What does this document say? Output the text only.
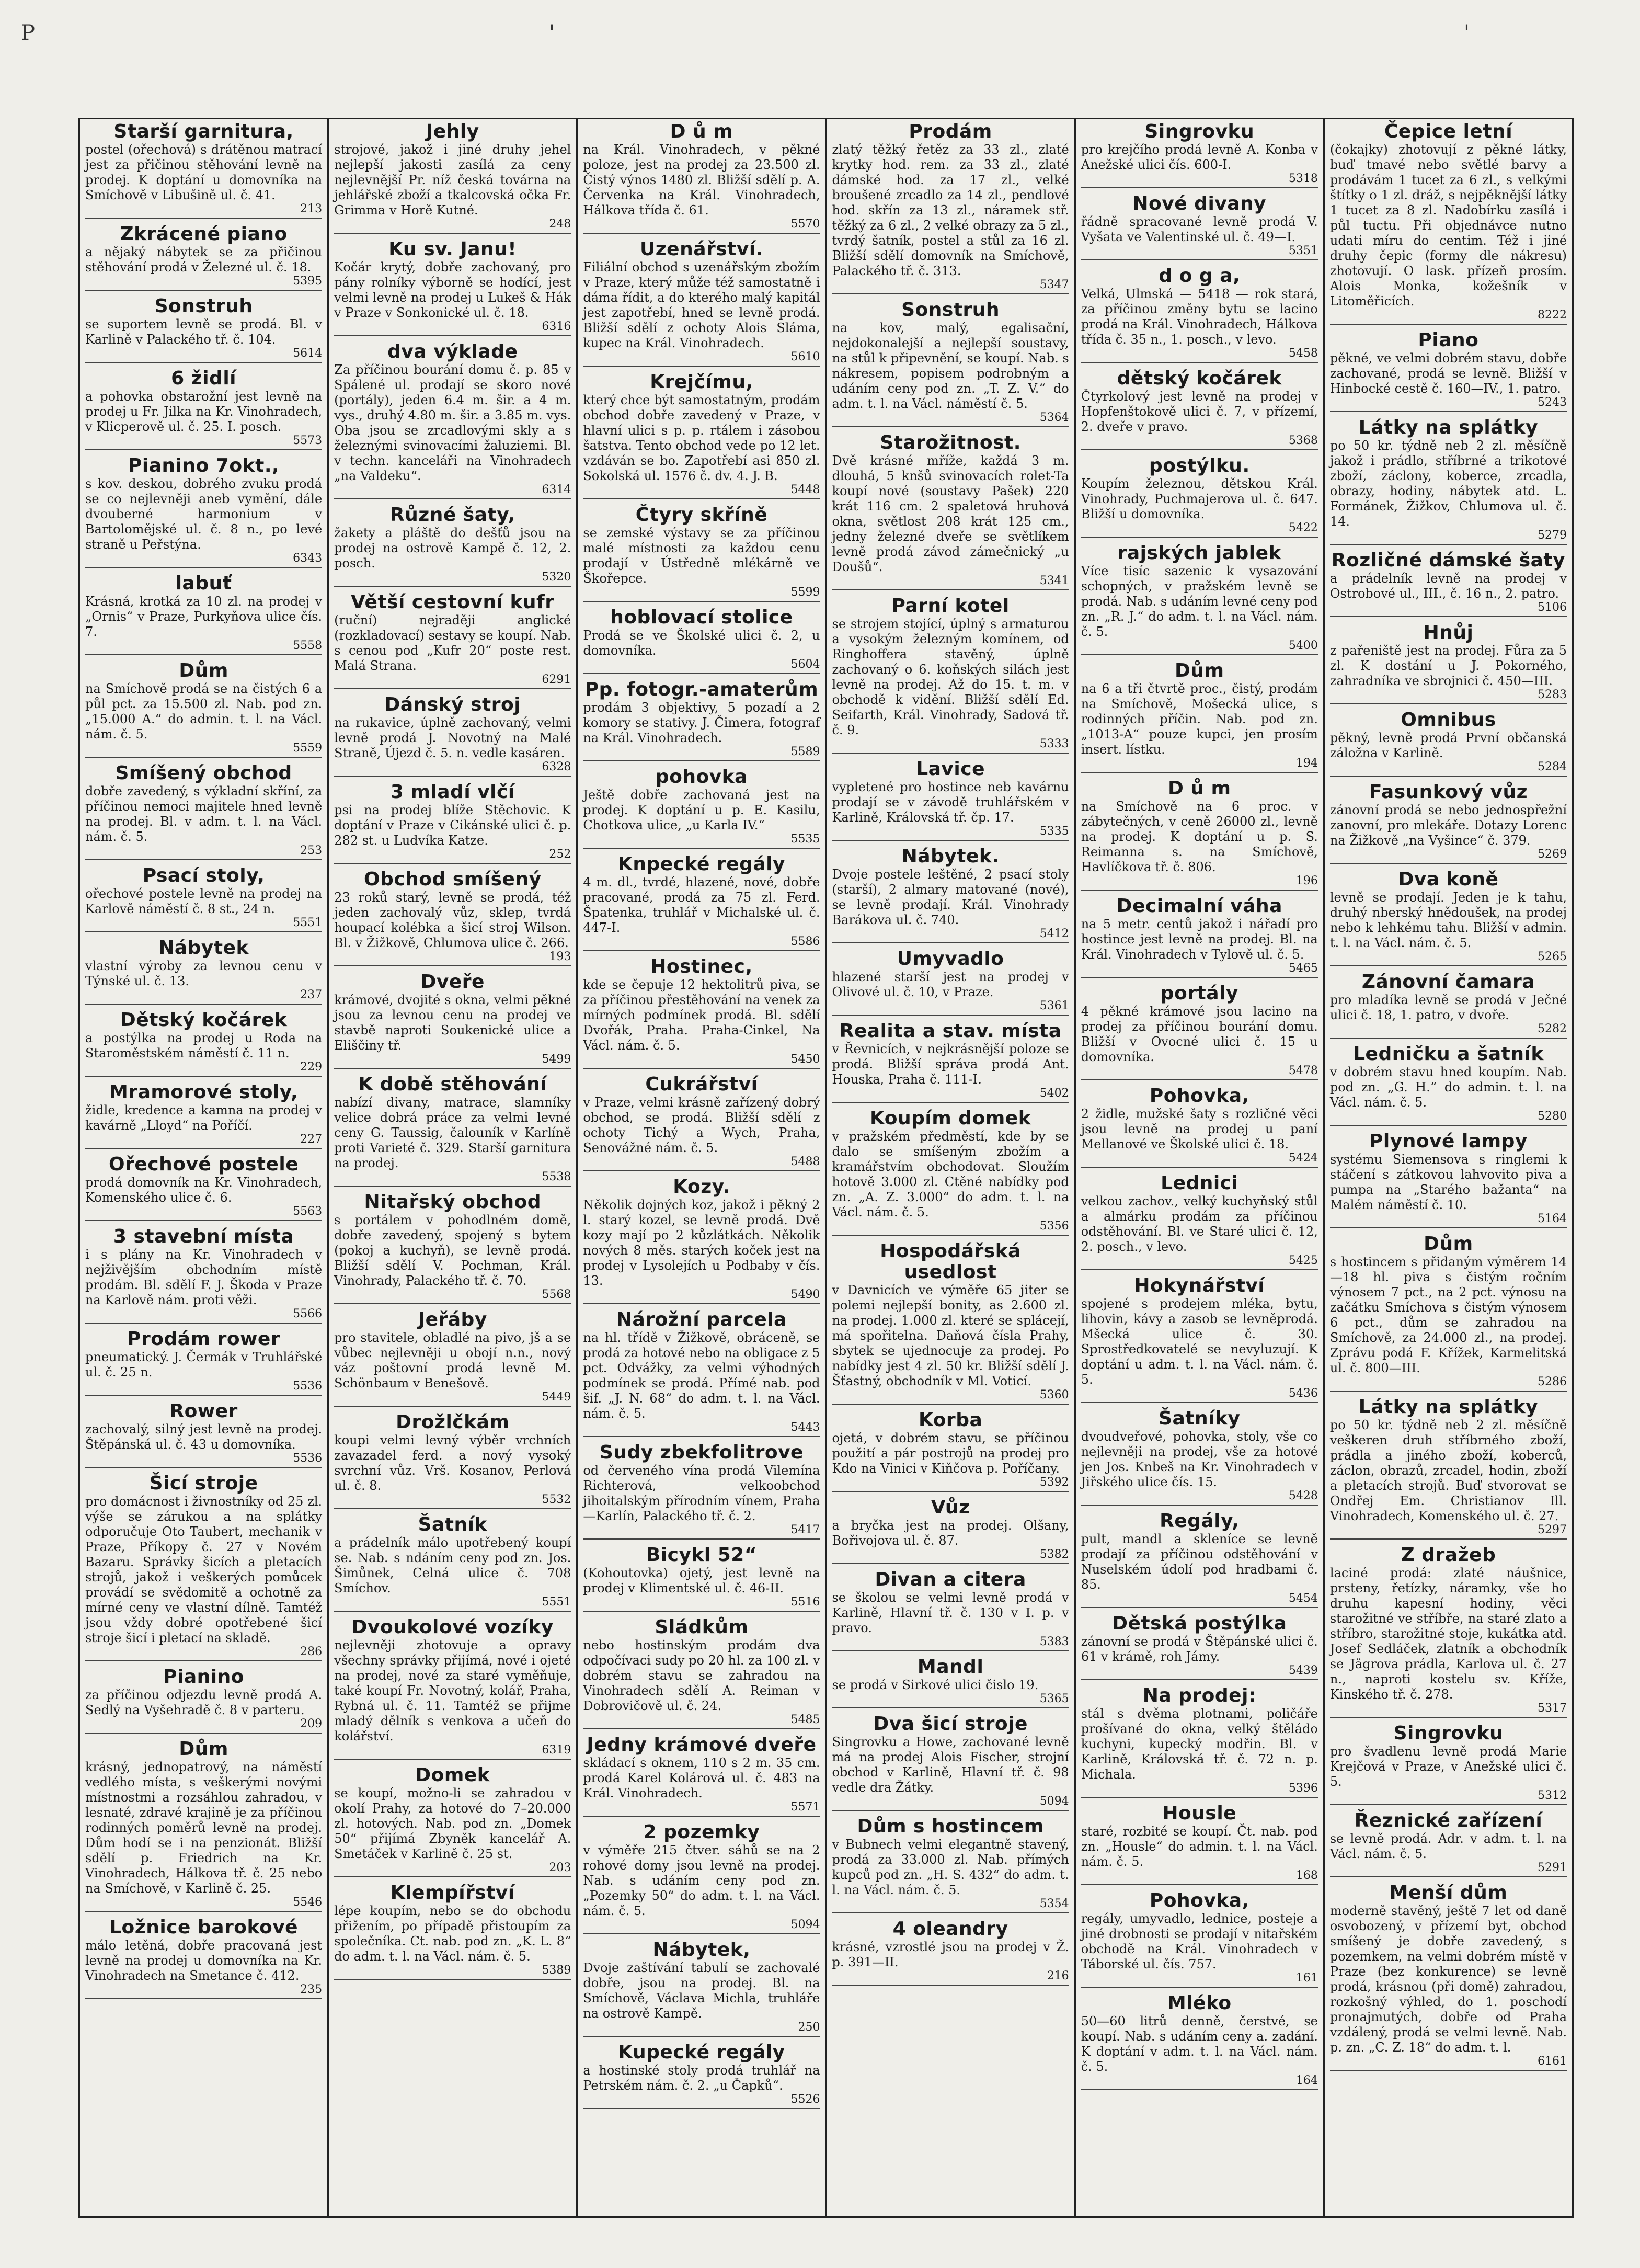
P	'	'
Starší garnitura,

postel (ořechová) s drátěnou matrací jest za přičinou stěhování levně na prodej. K doptání u domovníka na Smíchově v Libušině ul. č. 41.

213
Zkrácené piano

a nějaký nábytek se za přičinou stěhování prodá v Železné ul. č. 18.

5395
Sonstruh

se suportem levně se prodá. Bl. v Karlině v Palackého tř. č. 104.

5614
6 židlí

a pohovka obstarožní jest levně na prodej u Fr. Jilka na Kr. Vinohradech, v Klicperově ul. č. 25. I. posch.

5573
Pianino 7okt.,

s kov. deskou, dobrého zvuku prodá se co nejlevněji aneb vymění, dále dvouberné harmonium v Bartolomějské ul. č. 8 n., po levé straně u Peřstýna.

6343
labuť

Krásná, krotká za 10 zl. na prodej v „Ornis“ v Praze, Purkyňova ulice čís. 7.

5558
Dům

na Smíchově prodá se na čistých 6 a půl pct. za 15.500 zl. Nab. pod zn. „15.000 A.“ do admin. t. l. na Václ. nám. č. 5.

5559
Smíšený obchod

dobře zavedený, s výkladní skříní, za příčinou nemoci majitele hned levně na prodej. Bl. v adm. t. l. na Václ. nám. č. 5.

253
Psací stoly,

ořechové postele levně na prodej na Karlově náměstí č. 8 st., 24 n.

5551
Nábytek

vlastní výroby za levnou cenu v Týnské ul. č. 13.

237
Dětský kočárek

a postýlka na prodej u Roda na Staroměstském náměstí č. 11 n.

229
Mramorové stoly,

židle, kredence a kamna na prodej v kavárně „Lloyd“ na Poříčí.

227
Ořechové postele

prodá domovník na Kr. Vinohradech, Komenského ulice č. 6.

5563
3 stavební místa

i s plány na Kr. Vinohradech v nejživějším obchodním místě prodám. Bl. sdělí F. J. Škoda v Praze na Karlově nám. proti věži.

5566
Prodám rower

pneumatický. J. Čermák v Truhlářské ul. č. 25 n.

5536
Rower

zachovalý, silný jest levně na prodej. Štěpánská ul. č. 43 u domovníka.

5536
Šicí stroje

pro domácnost i živnostníky od 25 zl. výše se zárukou a na splátky odporučuje Oto Taubert, mechanik v Praze, Příkopy č. 27 v Novém Bazaru. Správky šicích a pletacích strojů, jakož i veškerých pomůcek provádí se svědomitě a ochotně za mírné ceny ve vlastní dílně. Tamtéž jsou vždy dobré opotřebené šicí stroje šicí i pletací na skladě.

286
Pianino

za příčinou odjezdu levně prodá A. Sedlý na Vyšehradě č. 8 v parteru.

209
Dům

krásný, jednopatrový, na náměstí vedlého místa, s veškerými novými místnostmi a rozsáhlou zahradou, v lesnaté, zdravé krajině je za příčinou rodinných poměrů levně na prodej. Dům hodí se i na penzionát. Bližší sdělí p. Friedrich na Kr. Vinohradech, Hálkova tř. č. 25 nebo na Smíchově, v Karlině č. 25.

5546
Ložnice barokové

málo letěná, dobře pracovaná jest levně na prodej u domovníka na Kr. Vinohradech na Smetance č. 412.

235
Jehly

strojové, jakož i jiné druhy jehel nejlepší jakosti zasílá za ceny nejlevnější Pr. níž česká továrna na jehlářské zboží a tkalcovská očka Fr. Grimma v Horě Kutné.

248
Ku sv. Janu!

Kočár krytý, dobře zachovaný, pro pány rolníky výborně se hodící, jest velmi levně na prodej u Lukeš & Hák v Praze v Sonkonické ul. č. 18.

6316
dva výklade

Za příčinou bourání domu č. p. 85 v Spálené ul. prodají se skoro nové (portály), jeden 6.4 m. šir. a 4 m. vys., druhý 4.80 m. šir. a 3.85 m. vys. Oba jsou se zrcadlovými skly a s železnými svinovacími žaluziemi. Bl. v techn. kanceláři na Vinohradech „na Valdeku“.

6314
Různé šaty,

žakety a pláště do dešťů jsou na prodej na ostrově Kampě č. 12, 2. posch.

5320
Větší cestovní kufr

(ruční) nejraději anglické (rozkladovací) sestavy se koupí. Nab. s cenou pod „Kufr 20“ poste rest. Malá Strana.

6291
Dánský stroj

na rukavice, úplně zachovaný, velmi levně prodá J. Novotný na Malé Straně, Újezd č. 5. n. vedle kasáren.

6328
3 mladí vlčí

psi na prodej blíže Stěchovic. K doptání v Praze v Cikánské ulici č. p. 282 st. u Ludvíka Katze.

252
Obchod smíšený

23 roků starý, levně se prodá, též jeden zachovalý vůz, sklep, tvrdá houpací kolébka a šicí stroj Wilson. Bl. v Žižkově, Chlumova ulice č. 266.

193
Dveře

krámové, dvojité s okna, velmi pěkné jsou za levnou cenu na prodej ve stavbě naproti Soukenické ulice a Eliščiny tř.

5499
K době stěhování

nabízí divany, matrace, slamníky velice dobrá práce za velmi levné ceny G. Taussig, čalouník v Karlíně proti Varieté č. 329. Starší garnitura na prodej.

5538
Nitařský obchod

s portálem v pohodlném domě, dobře zavedený, spojený s bytem (pokoj a kuchyň), se levně prodá. Bližší sdělí V. Pochman, Král. Vinohrady, Palackého tř. č. 70.

5568
Jeřáby

pro stavitele, obladlé na pivo, jš a se vůbec nejlevněji u obojí n.n., nový váz poštovní prodá levně M. Schönbaum v Benešově.

5449
Drožlčkám

koupi velmi levný výběr vrchních zavazadel ferd. a nový vysoký svrchní vůz. Vrš. Kosanov, Perlová ul. č. 8.

5532
Šatník

a prádelník málo upotřebený koupí se. Nab. s ndáním ceny pod zn. Jos. Šimůnek, Celná ulice č. 708 Smíchov.

5551
Dvoukolové vozíky

nejlevněji zhotovuje a opravy všechny správky přijímá, nové i ojeté na prodej, nové za staré vyměňuje, také koupí Fr. Novotný, kolář, Praha, Rybná ul. č. 11. Tamtéž se přijme mladý dělník s venkova a učeň do kolářství.

6319
Domek

se koupí, možno-li se zahradou v okolí Prahy, za hotové do 7–20.000 zl. hotových. Nab. pod zn. „Domek 50“ přijímá Zbyněk kancelář A. Smetáček v Karlině č. 25 st.

203
Klempířství

lépe koupím, nebo se do obchodu přižením, po případě přistoupím za společníka. Ct. nab. pod zn. „K. L. 8“ do adm. t. l. na Václ. nám. č. 5.

5389
D ů m

na Král. Vinohradech, v pěkné poloze, jest na prodej za 23.500 zl. Čistý výnos 1480 zl. Bližší sdělí p. A. Červenka na Král. Vinohradech, Hálkova třída č. 61.

5570
Uzenářství.

Filiální obchod s uzenářským zbožím v Praze, který může též samostatně i dáma řídit, a do kterého malý kapitál jest zapotřebí, hned se levně prodá. Bližší sdělí z ochoty Alois Sláma, kupec na Král. Vinohradech.

5610
Krejčímu,

který chce být samostatným, prodám obchod dobře zavedený v Praze, v hlavní ulici s p. p. rtálem i zásobou šatstva. Tento obchod vede po 12 let. vzdáván se bo. Zapotřebí asi 850 zl. Sokolská ul. 1576 č. dv. 4. J. B.

5448
Čtyry skříně

se zemské výstavy se za příčinou malé místnosti za každou cenu prodají v Ústředně mlékárně ve Škořepce.

5599
hoblovací stolice

Prodá se ve Školské ulici č. 2, u domovníka.

5604
Pp. fotogr.-amaterům

prodám 3 objektivy, 5 pozadí a 2 komory se stativy. J. Čimera, fotograf na Král. Vinohradech.

5589
pohovka

Ještě dobře zachovaná jest na prodej. K doptání u p. E. Kasilu, Chotkova ulice, „u Karla IV.“

5535
Knpecké regály

4 m. dl., tvrdé, hlazené, nové, dobře pracované, prodá za 75 zl. Ferd. Špatenka, truhlář v Michalské ul. č. 447-I.

5586
Hostinec,

kde se čepuje 12 hektolitrů piva, se za příčinou přestěhování na venek za mírných podmínek prodá. Bl. sdělí Dvořák, Praha. Praha-Cinkel, Na Václ. nám. č. 5.

5450
Cukrářství

v Praze, velmi krásně zařízený dobrý obchod, se prodá. Bližší sdělí z ochoty Tichý a Wych, Praha, Senovážné nám. č. 5.

5488
Kozy.

Několik dojných koz, jakož i pěkný 2 l. starý kozel, se levně prodá. Dvě kozy mají po 2 kůzlátkách. Několik nových 8 měs. starých koček jest na prodej v Lysolejích u Podbaby v čís. 13.

5490
Nárožní parcela

na hl. třídě v Žižkově, obráceně, se prodá za hotové nebo na obligace z 5 pct. Odvážky, za velmi výhodných podmínek se prodá. Přímé nab. pod šif. „J. N. 68“ do adm. t. l. na Václ. nám. č. 5.

5443
Sudy zbekfolitrove

od červeného vína prodá Vilemína Richterová, velkoobchod jihoitalským přírodním vínem, Praha—Karlín, Palackého tř. č. 2.

5417
Bicykl 52“

(Kohoutovka) ojetý, jest levně na prodej v Klimentské ul. č. 46-II.

5516
Sládkům

nebo hostinským prodám dva odpočívaci sudy po 20 hl. za 100 zl. v dobrém stavu se zahradou na Vinohradech sdělí A. Reiman v Dobrovičově ul. č. 24.

5485
Jedny krámové dveře

skládací s oknem, 110 s 2 m. 35 cm. prodá Karel Kolárová ul. č. 483 na Král. Vinohradech.

5571
2 pozemky

v výměře 215 čtver. sáhů se na 2 rohové domy jsou levně na prodej. Nab. s udáním ceny pod zn. „Pozemky 50“ do adm. t. l. na Václ. nám. č. 5.

5094
Nábytek,

Dvoje zaštívání tabulí se zachovalé dobře, jsou na prodej. Bl. na Smíchově, Václava Michla, truhláře na ostrově Kampě.

250
Kupecké regály

a hostinské stoly prodá truhlář na Petrském nám. č. 2. „u Čapků“.

5526
Prodám

zlatý těžký řetěz za 33 zl., zlaté krytky hod. rem. za 33 zl., zlaté dámské hod. za 17 zl., velké broušené zrcadlo za 14 zl., pendlové hod. skřín za 13 zl., náramek stř. těžký za 6 zl., 2 velké obrazy za 5 zl., tvrdý šatník, postel a stůl za 16 zl. Bližší sdělí domovník na Smíchově, Palackého tř. č. 313.

5347
Sonstruh

na kov, malý, egalisační, nejdokonalejší a nejlepší soustavy, na stůl k připevnění, se koupí. Nab. s nákresem, popisem podrobným a udáním ceny pod zn. „T. Z. V.“ do adm. t. l. na Václ. náměstí č. 5.

5364
Starožitnost.

Dvě krásné mříže, každá 3 m. dlouhá, 5 knšů svinovacích rolet-Ta koupí nové (soustavy Pašek) 220 krát 116 cm. 2 spaletová hruhová okna, světlost 208 krát 125 cm., jedny železné dveře se světlíkem levně prodá závod zámečnický „u Doušů“.

5341
Parní kotel

se strojem stojící, úplný s armaturou a vysokým železným komínem, od Ringhoffera stavěný, úplně zachovaný o 6. koňských silách jest levně na prodej. Až do 15. t. m. v obchodě k vidění. Bližší sdělí Ed. Seifarth, Král. Vinohrady, Sadová tř. č. 9.

5333
Lavice

vypletené pro hostince neb kavárnu prodají se v závodě truhlářském v Karlině, Královská tř. čp. 17.

5335
Nábytek.

Dvoje postele leštěné, 2 psací stoly (starší), 2 almary matované (nové), se levně prodají. Král. Vinohrady Barákova ul. č. 740.

5412
Umyvadlo

hlazené starší jest na prodej v Olivové ul. č. 10, v Praze.

5361
Realita a stav. místa

v Řevnicích, v nejkrásnější poloze se prodá. Bližší správa prodá Ant. Houska, Praha č. 111-I.

5402
Koupím domek

v pražském předměstí, kde by se dalo se smíšeným zbožím a kramářstvím obchodovat. Sloužím hotově 3.000 zl. Ctěné nabídky pod zn. „A. Z. 3.000“ do adm. t. l. na Václ. nám. č. 5.

5356
Hospodářská usedlost

v Davnicích ve výměře 65 jiter se polemi nejlepší bonity, as 2.600 zl. na prodej. 1.000 zl. které se splácejí, má spořitelna. Daňová čísla Prahy, sbytek se ujednocuje za prodej. Po nabídky jest 4 zl. 50 kr. Bližší sdělí J. Šťastný, obchodník v Ml. Voticí.

5360
Korba

ojetá, v dobrém stavu, se příčinou použití a pár postrojů na prodej pro Kdo na Vinici v Kiňčova p. Poříčany.

5392
Vůz

a bryčka jest na prodej. Olšany, Bořivojova ul. č. 87.

5382
Divan a citera

se školou se velmi levně prodá v Karlině, Hlavní tř. č. 130 v I. p. v pravo.

5383
Mandl

se prodá v Sirkové ulici čislo 19.

5365
Dva šicí stroje

Singrovku a Howe, zachované levně má na prodej Alois Fischer, strojní obchod v Karlině, Hlavní tř. č. 98 vedle dra Žátky.

5094
Dům s hostincem

v Bubnech velmi elegantně stavený, prodá za 33.000 zl. Nab. přímých kupců pod zn. „H. S. 432“ do adm. t. l. na Václ. nám. č. 5.

5354
4 oleandry

krásné, vzrostlé jsou na prodej v Ž. p. 391—II.

216
Singrovku

pro krejčího prodá levně A. Konba v Anežské ulici čís. 600-I.

5318
Nové divany

řádně spracované levně prodá V. Vyšata ve Valentinské ul. č. 49—I.

5351
d o g a,

Velká, Ulmská — 5418 — rok stará, za příčinou změny bytu se lacino prodá na Král. Vinohradech, Hálkova třída č. 35 n., 1. posch., v levo.

5458
dětský kočárek

Čtyrkolový jest levně na prodej v Hopfenštokově ulici č. 7, v přízemí, 2. dveře v pravo.

5368
postýlku.

Koupím železnou, dětskou Král. Vinohrady, Puchmajerova ul. č. 647. Bližší u domovníka.

5422
rajských jablek

Více tisíc sazenic k vysazování schopných, v pražském levně se prodá. Nab. s udáním levné ceny pod zn. „R. J.“ do adm. t. l. na Václ. nám. č. 5.

5400
Dům

na 6 a tři čtvrtě proc., čistý, prodám na Smíchově, Mošecká ulice, s rodinných příčin. Nab. pod zn. „1013-A“ pouze kupci, jen prosím insert. lístku.

194
D ů m

na Smíchově na 6 proc. v zábytečných, v ceně 26000 zl., levně na prodej. K doptání u p. S. Reimanna s. na Smíchově, Havlíčkova tř. č. 806.

196
Decimalní váha

na 5 metr. centů jakož i nářadí pro hostince jest levně na prodej. Bl. na Král. Vinohradech v Tylově ul. č. 5.

5465
portály

4 pěkné krámové jsou lacino na prodej za příčinou bourání domu. Bližší v Ovocné ulici č. 15 u domovníka.

5478
Pohovka,

2 židle, mužské šaty s rozličné věci jsou levně na prodej u paní Mellanové ve Školské ulici č. 18.

5424
Lednici

velkou zachov., velký kuchyňský stůl a almárku prodám za příčinou odstěhování. Bl. ve Staré ulici č. 12, 2. posch., v levo.

5425
Hokynářství

spojené s prodejem mléka, bytu, lihovin, kávy a zasob se levněprodá. Mšecká ulice č. 30. Sprostředkovatelé se nevyluzují. K doptání u adm. t. l. na Václ. nám. č. 5.

5436
Šatníky

dvoudveřové, pohovka, stoly, vše co nejlevněji na prodej, vše za hotové jen Jos. Knbeš na Kr. Vinohradech v Jiřského ulice čís. 15.

5428
Regály,

pult, mandl a skleníce se levně prodají za příčinou odstěhování v Nuselském údolí pod hradbami č. 85.

5454
Dětská postýlka

zánovní se prodá v Štěpánské ulici č. 61 v krámě, roh Jámy.

5439
Na prodej:

stál s dvěma plotnami, poličáře prošívané do okna, velký štěládo kuchyni, kupecký modřin. Bl. v Karlině, Královská tř. č. 72 n. p. Michala.

5396
Housle

staré, rozbité se koupí. Čt. nab. pod zn. „Housle“ do admin. t. l. na Václ. nám. č. 5.

168
Pohovka,

regály, umyvadlo, lednice, posteje a jiné drobnosti se prodají v nitařském obchodě na Král. Vinohradech v Táborské ul. čís. 757.

161
Mléko

50—60 litrů denně, čerstvé, se koupí. Nab. s udáním ceny a. zadání. K doptání v adm. t. l. na Václ. nám. č. 5.

164
Čepice letní

(čokajky) zhotovují z pěkné látky, buď tmavé nebo světlé barvy a prodávám 1 tucet za 6 zl., s velkými štítky o 1 zl. dráž, s nejpěknější látky 1 tucet za 8 zl. Nadobírku zasílá i půl tuctu. Při objednávce nutno udati míru do centim. Též i jiné druhy čepic (formy dle nákresu) zhotovují. O lask. přízeň prosím. Alois Monka, kožešník v Litoměřicích.

8222
Piano

pěkné, ve velmi dobrém stavu, dobře zachované, prodá se levně. Bližší v Hinbocké cestě č. 160—IV., 1. patro.

5243
Látky na splátky

po 50 kr. týdně neb 2 zl. měsíčně jakož i prádlo, stříbrné a trikotové zboží, záclony, koberce, zrcadla, obrazy, hodiny, nábytek atd. L. Formánek, Žižkov, Chlumova ul. č. 14.

5279
Rozličné dámské šaty

a prádelník levně na prodej v Ostrobové ul., III., č. 16 n., 2. patro.

5106
Hnůj

z pařeniště jest na prodej. Fůra za 5 zl. K dostání u J. Pokorného, zahradníka ve sbrojnici č. 450—III.

5283
Omnibus

pěkný, levně prodá První občanská záložna v Karlině.

5284
Fasunkový vůz

zánovní prodá se nebo jednospřežní zanovní, pro mlekáře. Dotazy Lorenc na Žižkově „na Vyšince“ č. 379.

5269
Dva koně

levně se prodají. Jeden je k tahu, druhý nberský hnědoušek, na prodej nebo k lehkému tahu. Bližší v admin. t. l. na Václ. nám. č. 5.

5265
Zánovní čamara

pro mladíka levně se prodá v Ječné ulici č. 18, 1. patro, v dvoře.

5282
Ledničku a šatník

v dobrém stavu hned koupím. Nab. pod zn. „G. H.“ do admin. t. l. na Václ. nám. č. 5.

5280
Plynové lampy

systému Siemensova s ringlemi k stáčení s zátkovou lahvovito piva a pumpa na „Starého bažanta“ na Malém náměstí č. 10.

5164
Dům

s hostincem s přidaným výměrem 14—18 hl. piva s čistým ročním výnosem 7 pct., na 2 pct. výnosu na začátku Smíchova s čistým výnosem 6 pct., dům se zahradou na Smíchově, za 24.000 zl., na prodej. Zprávu podá F. Křížek, Karmelitská ul. č. 800—III.

5286
Látky na splátky

po 50 kr. týdně neb 2 zl. měsíčně veškeren druh stříbrného zboží, prádla a jiného zboží, koberců, záclon, obrazů, zrcadel, hodin, zboží a pletacích strojů. Buď stvorovat se Ondřej Em. Christianov Ill. Vinohradech, Komenského ul. č. 27.

5297
Z dražeb

laciné prodá: zlaté náušnice, prsteny, řetízky, náramky, vše ho druhu kapesní hodiny, věci starožitné ve stříbře, na staré zlato a stříbro, starožitné stoje, kukátka atd. Josef Sedláček, zlatník a obchodník se Jägrova prádla, Karlova ul. č. 27 n., naproti kostelu sv. Kříže, Kinského tř. č. 278.

5317
Singrovku

pro švadlenu levně prodá Marie Krejčová v Praze, v Anežské ulici č. 5.

5312
Řeznické zařízení

se levně prodá. Adr. v adm. t. l. na Václ. nám. č. 5.

5291
Menší dům

moderně stavěný, ještě 7 let od daně osvobozený, v přízemí byt, obchod smíšený je dobře zavedený, s pozemkem, na velmi dobrém místě v Praze (bez konkurence) se levně prodá, krásnou (při domě) zahradou, rozkošný výhled, do 1. poschodí pronajmutých, dobře od Praha vzdálený, prodá se velmi levně. Nab. p. zn. „C. Z. 18“ do adm. t. l.

6161
